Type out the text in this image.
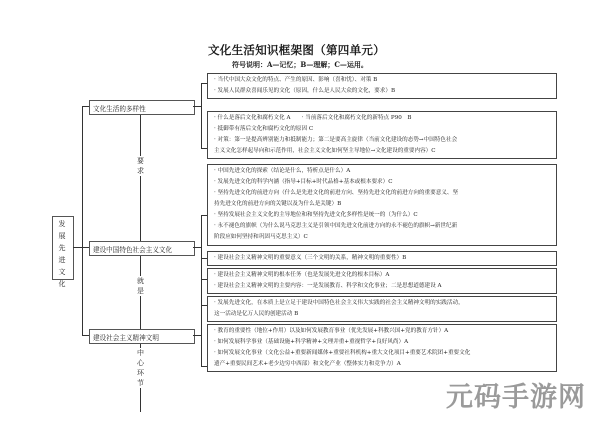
文化生活知识框架图（第四单元）
符号说明：A—记忆；B—理解；C—运用。
发展先进文化
要求
就是
中心环节
文化生活的多样性
建设中国特色社会主义文化
建设社会主义精神文明
· 当代中国大众文化的特点、产生的原因、影响（喜和忧）、对策 B
· 发展人民群众喜闻乐见的文化（原因，什么是人民大众的文化，要求）B
· 什么是落后文化和腐朽文化 A　　· 当前落后文化和腐朽文化的新特点 P90　B
· 抵御带有落后文化和腐朽文化的原因 C
· 对策：第一是提高辨别能力和抵制能力；第二是要高主旋律（当前文化建设的态势→中国特色社会
主义文化怎样起导向和示范作用，社会主义文化如何坚主导地位→文化建设的重要内容）C
· 中国先进文化的探索（结论是什么，特析点是什么）A
· 发展先进文化的科学内涵（指导+目标+时代品格+基本或根本要求）C
· 坚持先进文化的前进方向（什么是先进文化的前进方向、坚持先进文化的前进方向的重要意义、坚
持先进文化的前进方向的关键以及为什么是关键）B
· 坚持发展社会主义文化的主导地位和和坚持先进文化多样性是统一的（为什么）C
· 永不褪色的旗帜（为什么说马克思主义是引领中国先进文化前进方向的永不褪色的旗帜→新世纪新
阶段应如何坚持和巩固马克思主义）C
· 建设社会主义精神文明的重要意义（三个文明的关系，精神文明的重要性）B
· 建设社会主义精神文明的根本任务（也是发展先进文化的根本目标）A
· 建设社会主义精神文明的主要内容：一是发展教育、科学和文化事业；二是思想道德建设 A
· 发展先进文化，在本质上是立足于建设中国特色社会主义伟大实践的社会主义精神文明的实践活动，
这一活动是亿万人民的创建活动 B
· 教育的重要性（地位+作用）以及如何发展教育事业（优先发展+科教兴国+党的教育方针）A
· 如何发展科学事业（基础设施+科学精神+文理并重+重视哲学+良好风尚）A
· 如何发展文化事业（文化公益+重要新闻媒体+重要社科机构+重大文化项目+重要艺术院团+重要文化
遗产+重要民间艺术+老少边穷中西部）和文化产业（整体实力和竞争力）A
元码手游网
